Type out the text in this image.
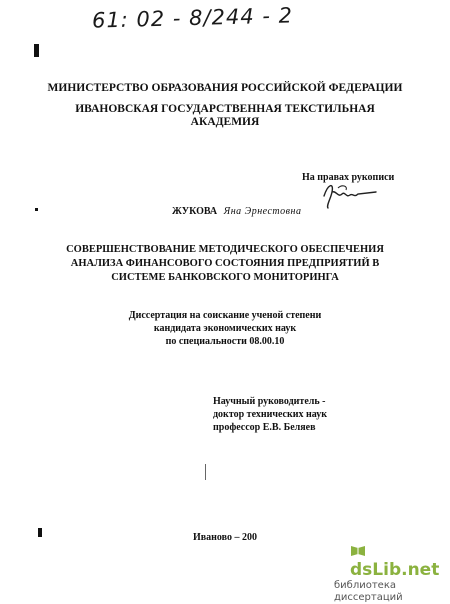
61: 02 - 8/244 - 2
МИНИСТЕРСТВО ОБРАЗОВАНИЯ РОССИЙСКОЙ ФЕДЕРАЦИИ
ИВАНОВСКАЯ ГОСУДАРСТВЕННАЯ ТЕКСТИЛЬНАЯ
АКАДЕМИЯ
На правах рукописи
ЖУКОВА Яна Эрнестовна
СОВЕРШЕНСТВОВАНИЕ МЕТОДИЧЕСКОГО ОБЕСПЕЧЕНИЯ
АНАЛИЗА ФИНАНСОВОГО СОСТОЯНИЯ ПРЕДПРИЯТИЙ В
СИСТЕМЕ БАНКОВСКОГО МОНИТОРИНГА
Диссертация на соискание ученой степени
кандидата экономических наук
по специальности 08.00.10
Научный руководитель -
доктор технических наук
профессор Е.В. Беляев
Иваново – 200
dsLib.net
библиотека диссертаций
